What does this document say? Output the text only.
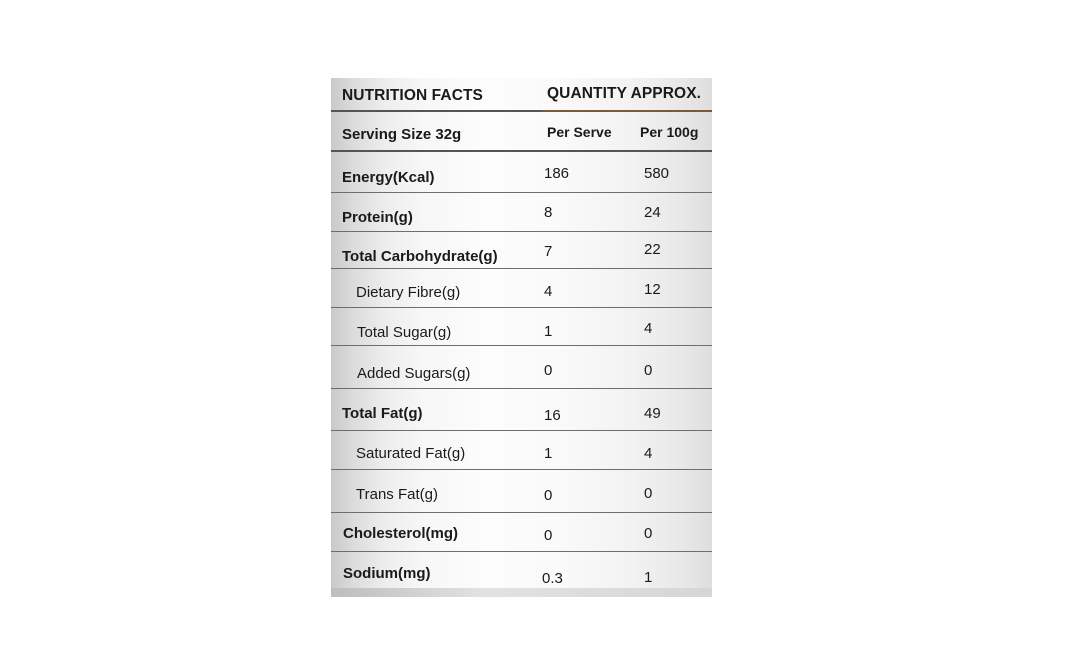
NUTRITION FACTS	QUANTITY APPROX.
Serving Size 32g	Per Serve Per 100g
Energy(Kcal)	186	580
Protein(g)	8	24
Total Carbohydrate(g)	7	22
Dietary Fibre(g)	4	12
Total Sugar(g)	1	4
Added Sugars(g)	0	0
Total Fat(g)	16	49
Saturated Fat(g)	1	4
Trans Fat(g)	0	0
Cholesterol(mg)	0	0
Sodium(mg)	0.3	1
